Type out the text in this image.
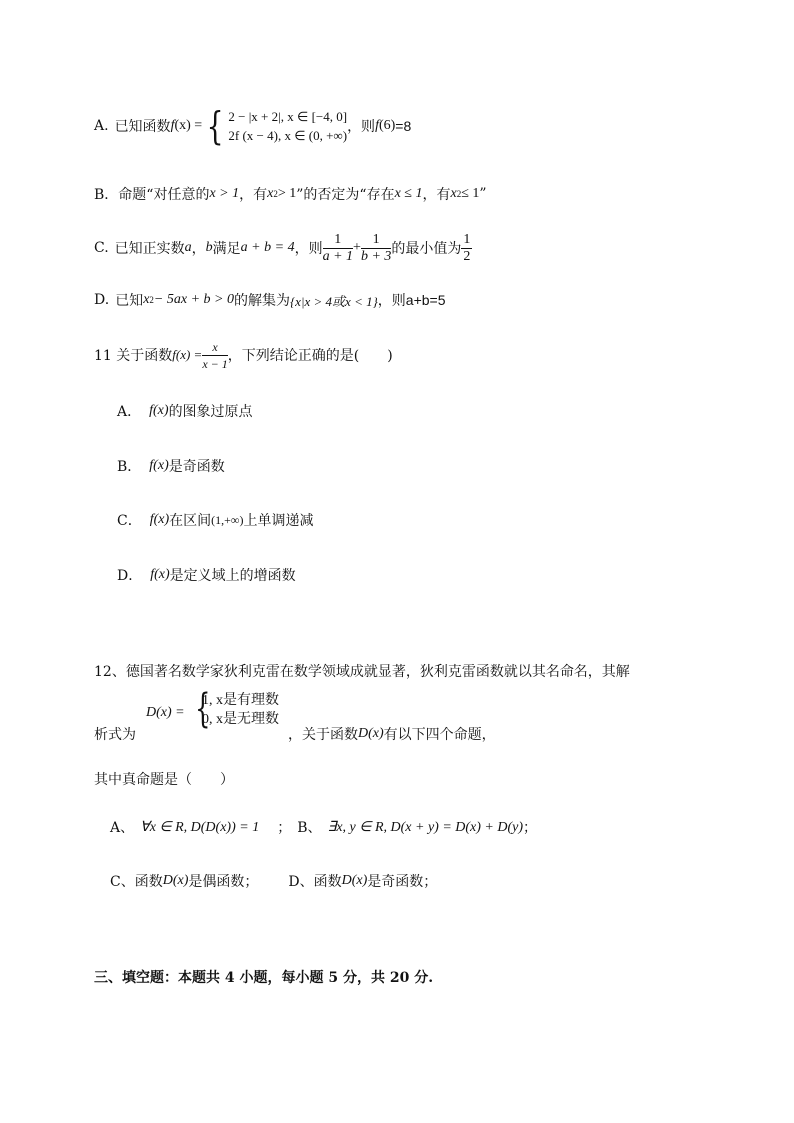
A. 已知函数 f (x) = { 2 − |x + 2|, x ∈ [−4, 0]
2f (x − 4), x ∈ (0, +∞)
，则 f (6) =8
B． 命题“对任意的 x > 1 ，有 x 2 > 1 ”的否定为“存在 x ≤ 1 ，有 x 2 ≤ 1 ”
C. 已知正实数 a ， b 满足 a + b = 4 ，则 $\frac{1}{a + 1} + \frac{1}{b + 3}$ 的最小值为 $\frac{1}{2}$
D. 已知 x 2 − 5ax + b > 0 的解集为 {x|x > 4或x < 1} ，则 a+b=5
11 关于函数 $f(x) = \frac{x}{x - 1}$ ，下列结论正确的是(　　)
A． f(x) 的图象过原点
B． f(x) 是奇函数
C． f(x) 在区间 (1,+∞) 上单调递减
D． f(x) 是定义域上的增函数
12、德国著名数学家狄利克雷在数学领域成就显著，狄利克雷函数就以其名命名，其解
析式为
D(x) = {
1, x是有理数
0, x是无理数
，关于函数 D(x) 有以下四个命题，
其中真命题是（　　）
A、 ∀x ∈ R, D(D(x)) = 1 ； B、 ∃x, y ∈ R, D(x + y) = D(x) + D(y) ；
C、函数 D(x) 是偶函数； D、函数 D(x) 是奇函数；
三、填空题：本题共 4 小题，每小题 5 分，共 20 分.
